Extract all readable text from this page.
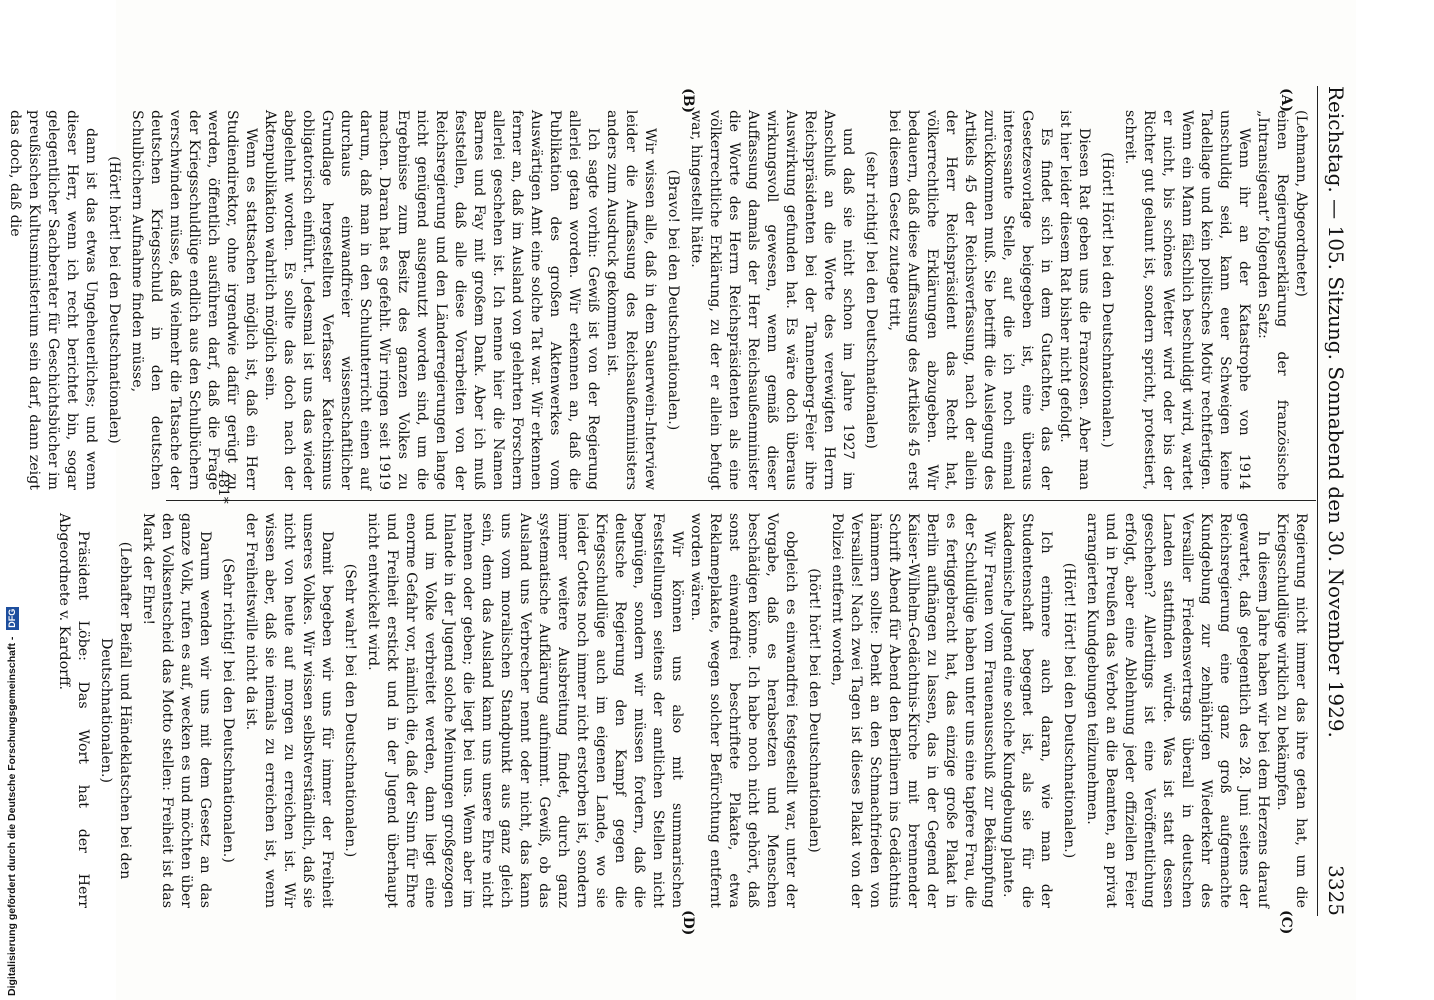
Reichstag. — 105. Sitzung. Sonnabend den 30. November 1929.
3325
(A)
(B)
(C)
(D)

(Lehmann, Abgeordneter)

einen Regierungserklärung der französische „Intransigeant“ folgenden Satz:

Wenn ihr an der Katastrophe von 1914 unschuldig seid, kann euer Schweigen keine Tadellage und kein politisches Motiv rechtfertigen. Wenn ein Mann fälschlich beschuldigt wird, wartet er nicht, bis schönes Wetter wird oder bis der Richter gut gelaunt ist, sondern spricht, protestiert, schreit.

(Hört! Hört! bei den Deutschnationalen.)

Diesen Rat geben uns die Franzosen. Aber man ist hier leider diesem Rat bisher nicht gefolgt.

Es findet sich in dem Gutachten, das der Gesetzesvorlage beigegeben ist, eine überaus interessante Stelle, auf die ich noch einmal zurückkommen muß. Sie betrifft die Auslegung des Artikels 45 der Reichsverfassung, nach der allein der Herr Reichspräsident das Recht hat, völkerrechtliche Erklärungen abzugeben. Wir bedauern, daß diese Auffassung des Artikels 45 erst bei diesem Gesetz zutage tritt,

(sehr richtig! bei den Deutschnationalen)

und daß sie nicht schon im Jahre 1927 im Anschluß an die Worte des verewigten Herrn Reichspräsidenten bei der Tannenberg-Feier ihre Auswirkung gefunden hat. Es wäre doch überaus wirkungsvoll gewesen, wenn gemäß dieser Auffassung damals der Herr Reichsaußenminister die Worte des Herrn Reichspräsidenten als eine völkerrechtliche Erklärung, zu der er allein befugt war, hingestellt hätte.

(Bravo! bei den Deutschnationalen.)

Wir wissen alle, daß in dem Sauerwein-Interview leider die Auffassung des Reichsaußenministers anders zum Ausdruck gekommen ist.

Ich sagte vorhin: Gewiß ist von der Regierung allerlei getan worden. Wir erkennen an, daß die Publikation des großen Aktenwerkes vom Auswärtigen Amt eine solche Tat war. Wir erkennen ferner an, daß im Ausland von gelehrten Forschern allerlei geschehen ist. Ich nenne hier die Namen Barnes und Fay mit großem Dank. Aber ich muß feststellen, daß alle diese Vorarbeiten von der Reichsregierung und den Länderregierungen lange nicht genügend ausgenutzt worden sind, um die Ergebnisse zum Besitz des ganzen Volkes zu machen. Daran hat es gefehlt. Wir ringen seit 1919 darum, daß man in den Schulunterricht einen auf durchaus einwandfreier wissenschaftlicher Grundlage hergestellten Verfasser Katechismus obligatorisch einführt. Jedesmal ist uns das wieder abgelehnt worden. Es sollte das doch nach der Aktenpublikation wahrlich möglich sein.

Wenn es stattsachen möglich ist, daß ein Herr Studiendirektor, ohne irgendwie dafür gerügt zu werden, öffentlich ausführen darf, daß die Frage der Kriegsschuldlüge endlich aus den Schulbüchern verschwinden müsse, daß vielmehr die Tatsache der deutschen Kriegsschuld in den deutschen Schulbüchern Aufnahme finden müsse,

(Hört! hört! bei den Deutschnationalen)

dann ist das etwas Ungeheuerliches; und wenn dieser Herr, wenn ich recht berichtet bin, sogar gelegentlicher Sachberater für Geschichtsbücher im preußischen Kultusministerium sein darf, dann zeigt das doch, daß die

Regierung nicht immer das ihre getan hat, um die Kriegsschuldlüge wirklich zu bekämpfen.

In diesem Jahre haben wir bei dem Herzens darauf gewartet, daß gelegentlich des 28. Juni seitens der Reichsregierung eine ganz groß aufgemachte Kundgebung zur zehnjährigen Wiederkehr des Versailler Friedensvertrags überall in deutschen Landen stattfinden würde. Was ist statt dessen geschehen? Allerdings ist eine Veröffentlichung erfolgt, aber eine Ablehnung jeder offiziellen Feier und in Preußen das Verbot an die Beamten, an privat arrangierten Kundgebungen teilzunehmen.

(Hört! Hört! bei den Deutschnationalen.)

Ich erinnere auch daran, wie man der Studentenschaft begegnet ist, als sie für die akademische Jugend eine solche Kundgebung plante.

Wir Frauen vom Frauenausschuß zur Bekämpfung der Schuldlüge haben unter uns eine tapfere Frau, die es fertiggebracht hat, das einzige große Plakat in Berlin aufhängen zu lassen, das in der Gegend der Kaiser-Wilhelm-Gedächtnis-Kirche mit brennender Schrift Abend für Abend den Berlinern ins Gedächtnis hämmern sollte: Denkt an den Schmachfrieden von Versailles! Nach zwei Tagen ist dieses Plakat von der Polizei entfernt worden,

(hört! hört! bei den Deutschnationalen)

obgleich es einwandfrei festgestellt war, unter der Vorgabe, daß es herabsetzen und Menschen beschädigen könne. Ich habe noch nicht gehört, daß sonst einwandfrei beschriftete Plakate, etwa Reklameplakate, wegen solcher Befürchtung entfernt worden wären.

Wir können uns also mit summarischen Feststellungen seitens der amtlichen Stellen nicht begnügen, sondern wir müssen fordern, daß die deutsche Regierung den Kampf gegen die Kriegsschuldlüge auch im eigenen Lande, wo sie leider Gottes noch immer nicht erstorben ist, sondern immer weitere Ausbreitung findet, durch ganz systematische Aufklärung aufnimmt. Gewiß, ob das Ausland uns Verbrecher nennt oder nicht, das kann uns vom moralischen Standpunkt aus ganz gleich sein, denn das Ausland kann uns unsere Ehre nicht nehmen oder geben; die liegt bei uns. Wenn aber im Inlande in der Jugend solche Meinungen großgezogen und im Volke verbreitet werden, dann liegt eine enorme Gefahr vor, nämlich die, daß der Sinn für Ehre und Freiheit erstickt und in der Jugend überhaupt nicht entwickelt wird.

(Sehr wahr! bei den Deutschnationalen.)

Damit begeben wir uns für immer der Freiheit unseres Volkes. Wir wissen selbstverständlich, daß sie nicht von heute auf morgen zu erreichen ist. Wir wissen aber, daß sie niemals zu erreichen ist, wenn der Freiheitswille nicht da ist.

(Sehr richtig! bei den Deutschnationalen.)

Darum wenden wir uns mit dem Gesetz an das ganze Volk, rufen es auf, wecken es und möchten über den Volksentscheid das Motto stellen: Freiheit ist das Mark der Ehre!

(Lebhafter Beifall und Händeklatschen bei den Deutschnationalen.)

Präsident Löbe: Das Wort hat der Herr Abgeordnete v. Kardorff.

481*
Digitalisierung gefördert durch die Deutsche Forschungsgemeinschaft - DFG
